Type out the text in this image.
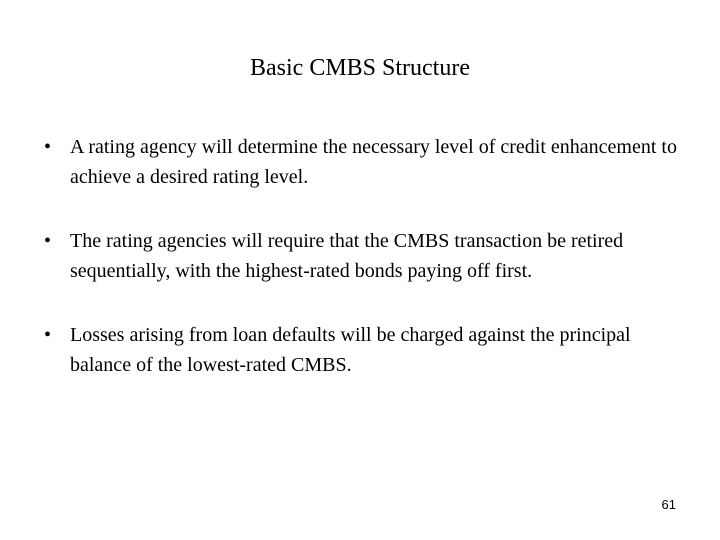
Basic CMBS Structure
• A rating agency will determine the necessary level of credit enhancement to achieve a desired rating level.
• The rating agencies will require that the CMBS transaction be retired sequentially, with the highest-rated bonds paying off first.
• Losses arising from loan defaults will be charged against the principal balance of the lowest-rated CMBS.
61
